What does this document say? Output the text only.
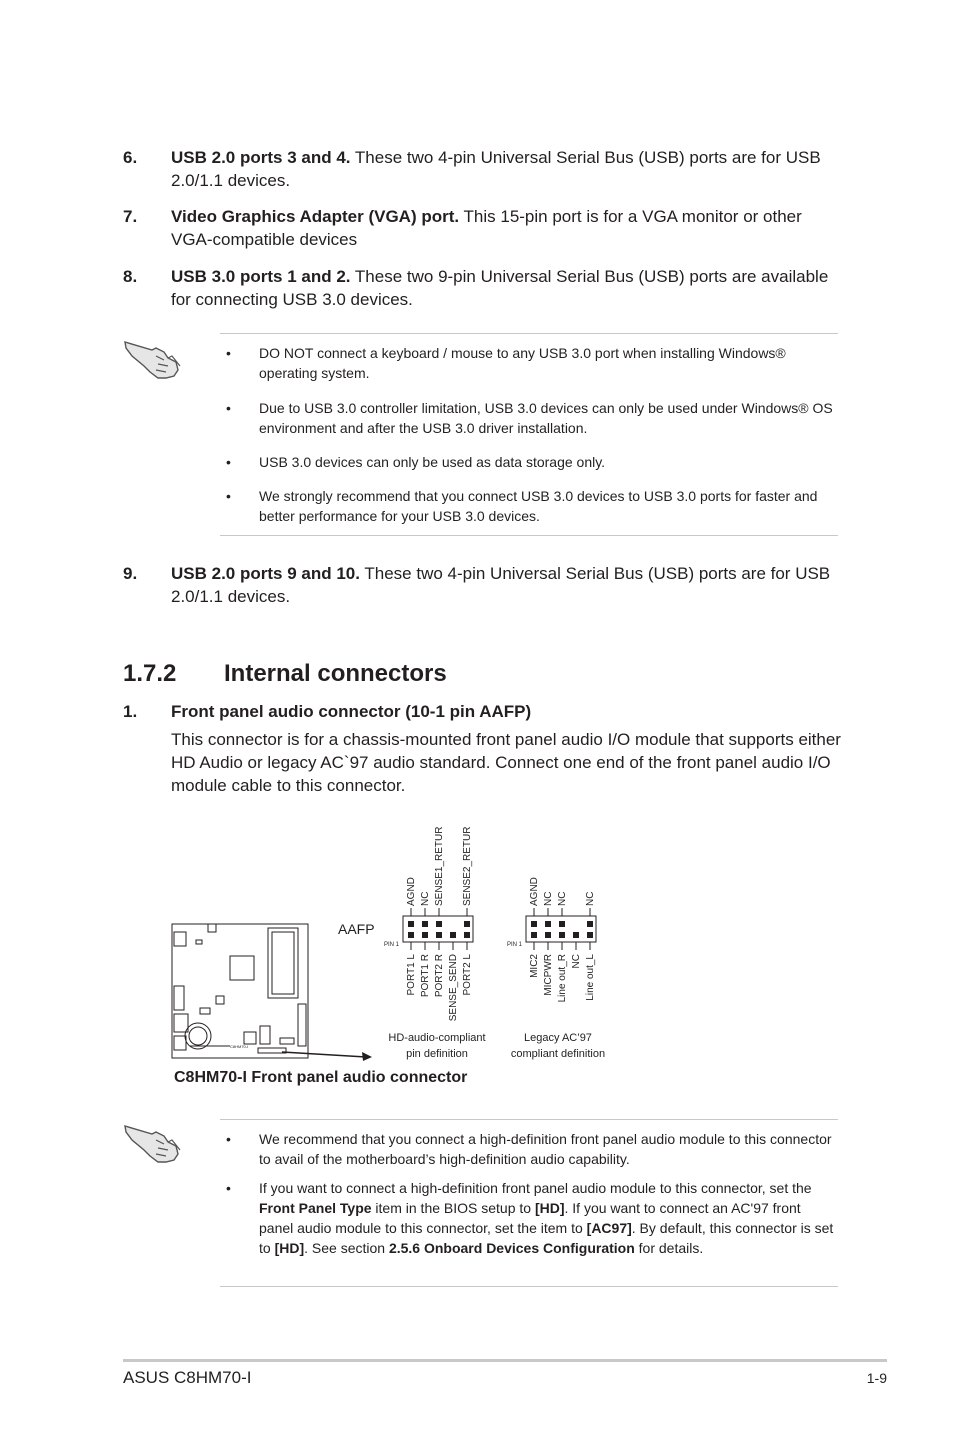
6. USB 2.0 ports 3 and 4. These two 4-pin Universal Serial Bus (USB) ports are for USB 2.0/1.1 devices.
7. Video Graphics Adapter (VGA) port. This 15-pin port is for a VGA monitor or other VGA-compatible devices
8. USB 3.0 ports 1 and 2. These two 9-pin Universal Serial Bus (USB) ports are available for connecting USB 3.0 devices.
• DO NOT connect a keyboard / mouse to any USB 3.0 port when installing Windows® operating system.
• Due to USB 3.0 controller limitation, USB 3.0 devices can only be used under Windows® OS environment and after the USB 3.0 driver installation.
• USB 3.0 devices can only be used as data storage only.
• We strongly recommend that you connect USB 3.0 devices to USB 3.0 ports for faster and better performance for your USB 3.0 devices.
9. USB 2.0 ports 9 and 10. These two 4-pin Universal Serial Bus (USB) ports are for USB 2.0/1.1 devices.
1.7.2 Internal connectors
1. Front panel audio connector (10-1 pin AAFP)
This connector is for a chassis-mounted front panel audio I/O module that supports either HD Audio or legacy AC`97 audio standard. Connect one end of the front panel audio I/O module cable to this connector.
C8HM70-I
AAFP
PIN 1
AGND NC SENSE1_RETUR SENSE2_RETUR
PORT1 L PORT1 R PORT2 R SENSE_SEND PORT2 L
PIN 1
AGND NC NC NC
MIC2 MICPWR Line out_R NC Line out_L
HD-audio-compliant
pin definition
Legacy AC’97
compliant definition
C8HM70-I Front panel audio connector
• We recommend that you connect a high-definition front panel audio module to this connector to avail of the motherboard’s high-definition audio capability.
• If you want to connect a high-definition front panel audio module to this connector, set the Front Panel Type item in the BIOS setup to [HD]. If you want to connect an AC'97 front panel audio module to this connector, set the item to [AC97]. By default, this connector is set to [HD]. See section 2.5.6 Onboard Devices Configuration for details.
ASUS C8HM70-I	1-9
